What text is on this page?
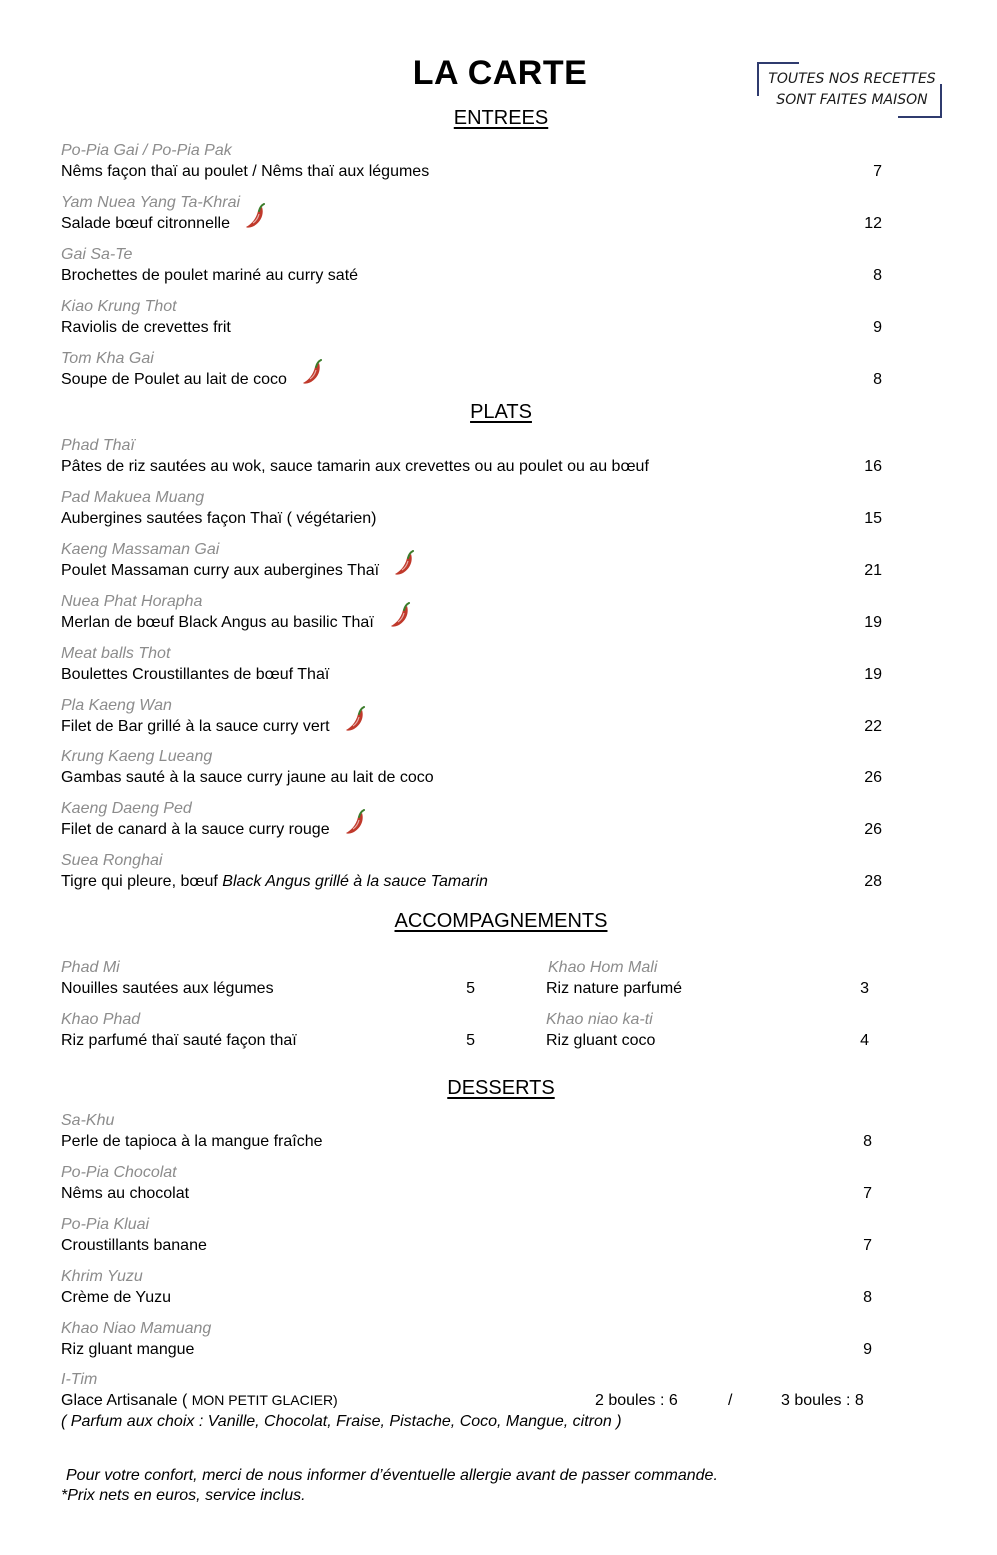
LA CARTE	TOUTES NOS RECETTES
SONT FAITES MAISON
ENTREES
PLATS
ACCOMPAGNEMENTS
DESSERTS
Po-Pia Gai / Po-Pia Pak
Nêms façon thaï au poulet / Nêms thaï aux légumes	7
Yam Nuea Yang Ta-Khrai
Salade bœuf citronnelle	12
Gai Sa-Te
Brochettes de poulet mariné au curry saté	8
Kiao Krung Thot
Raviolis de crevettes frit	9
Tom Kha Gai
Soupe de Poulet au lait de coco	8
Phad Thaï
Pâtes de riz sautées au wok, sauce tamarin aux crevettes ou au poulet ou au bœuf	16
Pad Makuea Muang
Aubergines sautées façon Thaï ( végétarien)	15
Kaeng Massaman Gai
Poulet Massaman curry aux aubergines Thaï	21
Nuea Phat Horapha
Merlan de bœuf Black Angus au basilic Thaï	19
Meat balls Thot
Boulettes Croustillantes de bœuf Thaï	19
Pla Kaeng Wan
Filet de Bar grillé à la sauce curry vert	22
Krung Kaeng Lueang
Gambas sauté à la sauce curry jaune au lait de coco	26
Kaeng Daeng Ped
Filet de canard à la sauce curry rouge	26
Suea Ronghai
Tigre qui pleure, bœuf Black Angus grillé à la sauce Tamarin	28
Sa-Khu
Perle de tapioca à la mangue fraîche	8
Po-Pia Chocolat
Nêms au chocolat	7
Po-Pia Kluai
Croustillants banane	7
Khrim Yuzu
Crème de Yuzu	8
Khao Niao Mamuang
Riz gluant mangue	9
Phad Mi
Nouilles sautées aux légumes	5
Khao Hom Mali
Riz nature parfumé	3
Khao Phad
Riz parfumé thaï sauté façon thaï	5
Khao niao ka-ti
Riz gluant coco	4
I-Tim
Glace Artisanale ( MON PETIT GLACIER)	2 boules : 6	/	3 boules : 8
( Parfum aux choix : Vanille, Chocolat, Fraise, Pistache, Coco, Mangue, citron )
Pour votre confort, merci de nous informer d’éventuelle allergie avant de passer commande.
*Prix nets en euros, service inclus.
